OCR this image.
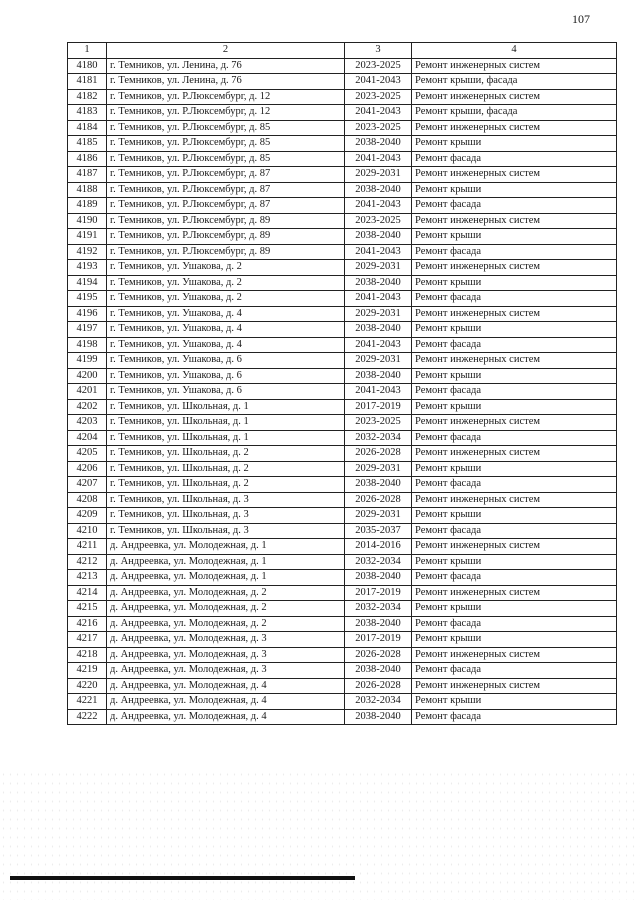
107
1	2	3	4
4180	г. Темников, ул. Ленина, д. 76	2023-2025	Ремонт инженерных систем
4181	г. Темников, ул. Ленина, д. 76	2041-2043	Ремонт крыши, фасада
4182	г. Темников, ул. Р.Люксембург, д. 12	2023-2025	Ремонт инженерных систем
4183	г. Темников, ул. Р.Люксембург, д. 12	2041-2043	Ремонт крыши, фасада
4184	г. Темников, ул. Р.Люксембург, д. 85	2023-2025	Ремонт инженерных систем
4185	г. Темников, ул. Р.Люксембург, д. 85	2038-2040	Ремонт крыши
4186	г. Темников, ул. Р.Люксембург, д. 85	2041-2043	Ремонт фасада
4187	г. Темников, ул. Р.Люксембург, д. 87	2029-2031	Ремонт инженерных систем
4188	г. Темников, ул. Р.Люксембург, д. 87	2038-2040	Ремонт крыши
4189	г. Темников, ул. Р.Люксембург, д. 87	2041-2043	Ремонт фасада
4190	г. Темников, ул. Р.Люксембург, д. 89	2023-2025	Ремонт инженерных систем
4191	г. Темников, ул. Р.Люксембург, д. 89	2038-2040	Ремонт крыши
4192	г. Темников, ул. Р.Люксембург, д. 89	2041-2043	Ремонт фасада
4193	г. Темников, ул. Ушакова, д. 2	2029-2031	Ремонт инженерных систем
4194	г. Темников, ул. Ушакова, д. 2	2038-2040	Ремонт крыши
4195	г. Темников, ул. Ушакова, д. 2	2041-2043	Ремонт фасада
4196	г. Темников, ул. Ушакова, д. 4	2029-2031	Ремонт инженерных систем
4197	г. Темников, ул. Ушакова, д. 4	2038-2040	Ремонт крыши
4198	г. Темников, ул. Ушакова, д. 4	2041-2043	Ремонт фасада
4199	г. Темников, ул. Ушакова, д. 6	2029-2031	Ремонт инженерных систем
4200	г. Темников, ул. Ушакова, д. 6	2038-2040	Ремонт крыши
4201	г. Темников, ул. Ушакова, д. 6	2041-2043	Ремонт фасада
4202	г. Темников, ул. Школьная, д. 1	2017-2019	Ремонт крыши
4203	г. Темников, ул. Школьная, д. 1	2023-2025	Ремонт инженерных систем
4204	г. Темников, ул. Школьная, д. 1	2032-2034	Ремонт фасада
4205	г. Темников, ул. Школьная, д. 2	2026-2028	Ремонт инженерных систем
4206	г. Темников, ул. Школьная, д. 2	2029-2031	Ремонт крыши
4207	г. Темников, ул. Школьная, д. 2	2038-2040	Ремонт фасада
4208	г. Темников, ул. Школьная, д. 3	2026-2028	Ремонт инженерных систем
4209	г. Темников, ул. Школьная, д. 3	2029-2031	Ремонт крыши
4210	г. Темников, ул. Школьная, д. 3	2035-2037	Ремонт фасада
4211	д. Андреевка, ул. Молодежная, д. 1	2014-2016	Ремонт инженерных систем
4212	д. Андреевка, ул. Молодежная, д. 1	2032-2034	Ремонт крыши
4213	д. Андреевка, ул. Молодежная, д. 1	2038-2040	Ремонт фасада
4214	д. Андреевка, ул. Молодежная, д. 2	2017-2019	Ремонт инженерных систем
4215	д. Андреевка, ул. Молодежная, д. 2	2032-2034	Ремонт крыши
4216	д. Андреевка, ул. Молодежная, д. 2	2038-2040	Ремонт фасада
4217	д. Андреевка, ул. Молодежная, д. 3	2017-2019	Ремонт крыши
4218	д. Андреевка, ул. Молодежная, д. 3	2026-2028	Ремонт инженерных систем
4219	д. Андреевка, ул. Молодежная, д. 3	2038-2040	Ремонт фасада
4220	д. Андреевка, ул. Молодежная, д. 4	2026-2028	Ремонт инженерных систем
4221	д. Андреевка, ул. Молодежная, д. 4	2032-2034	Ремонт крыши
4222	д. Андреевка, ул. Молодежная, д. 4	2038-2040	Ремонт фасада
